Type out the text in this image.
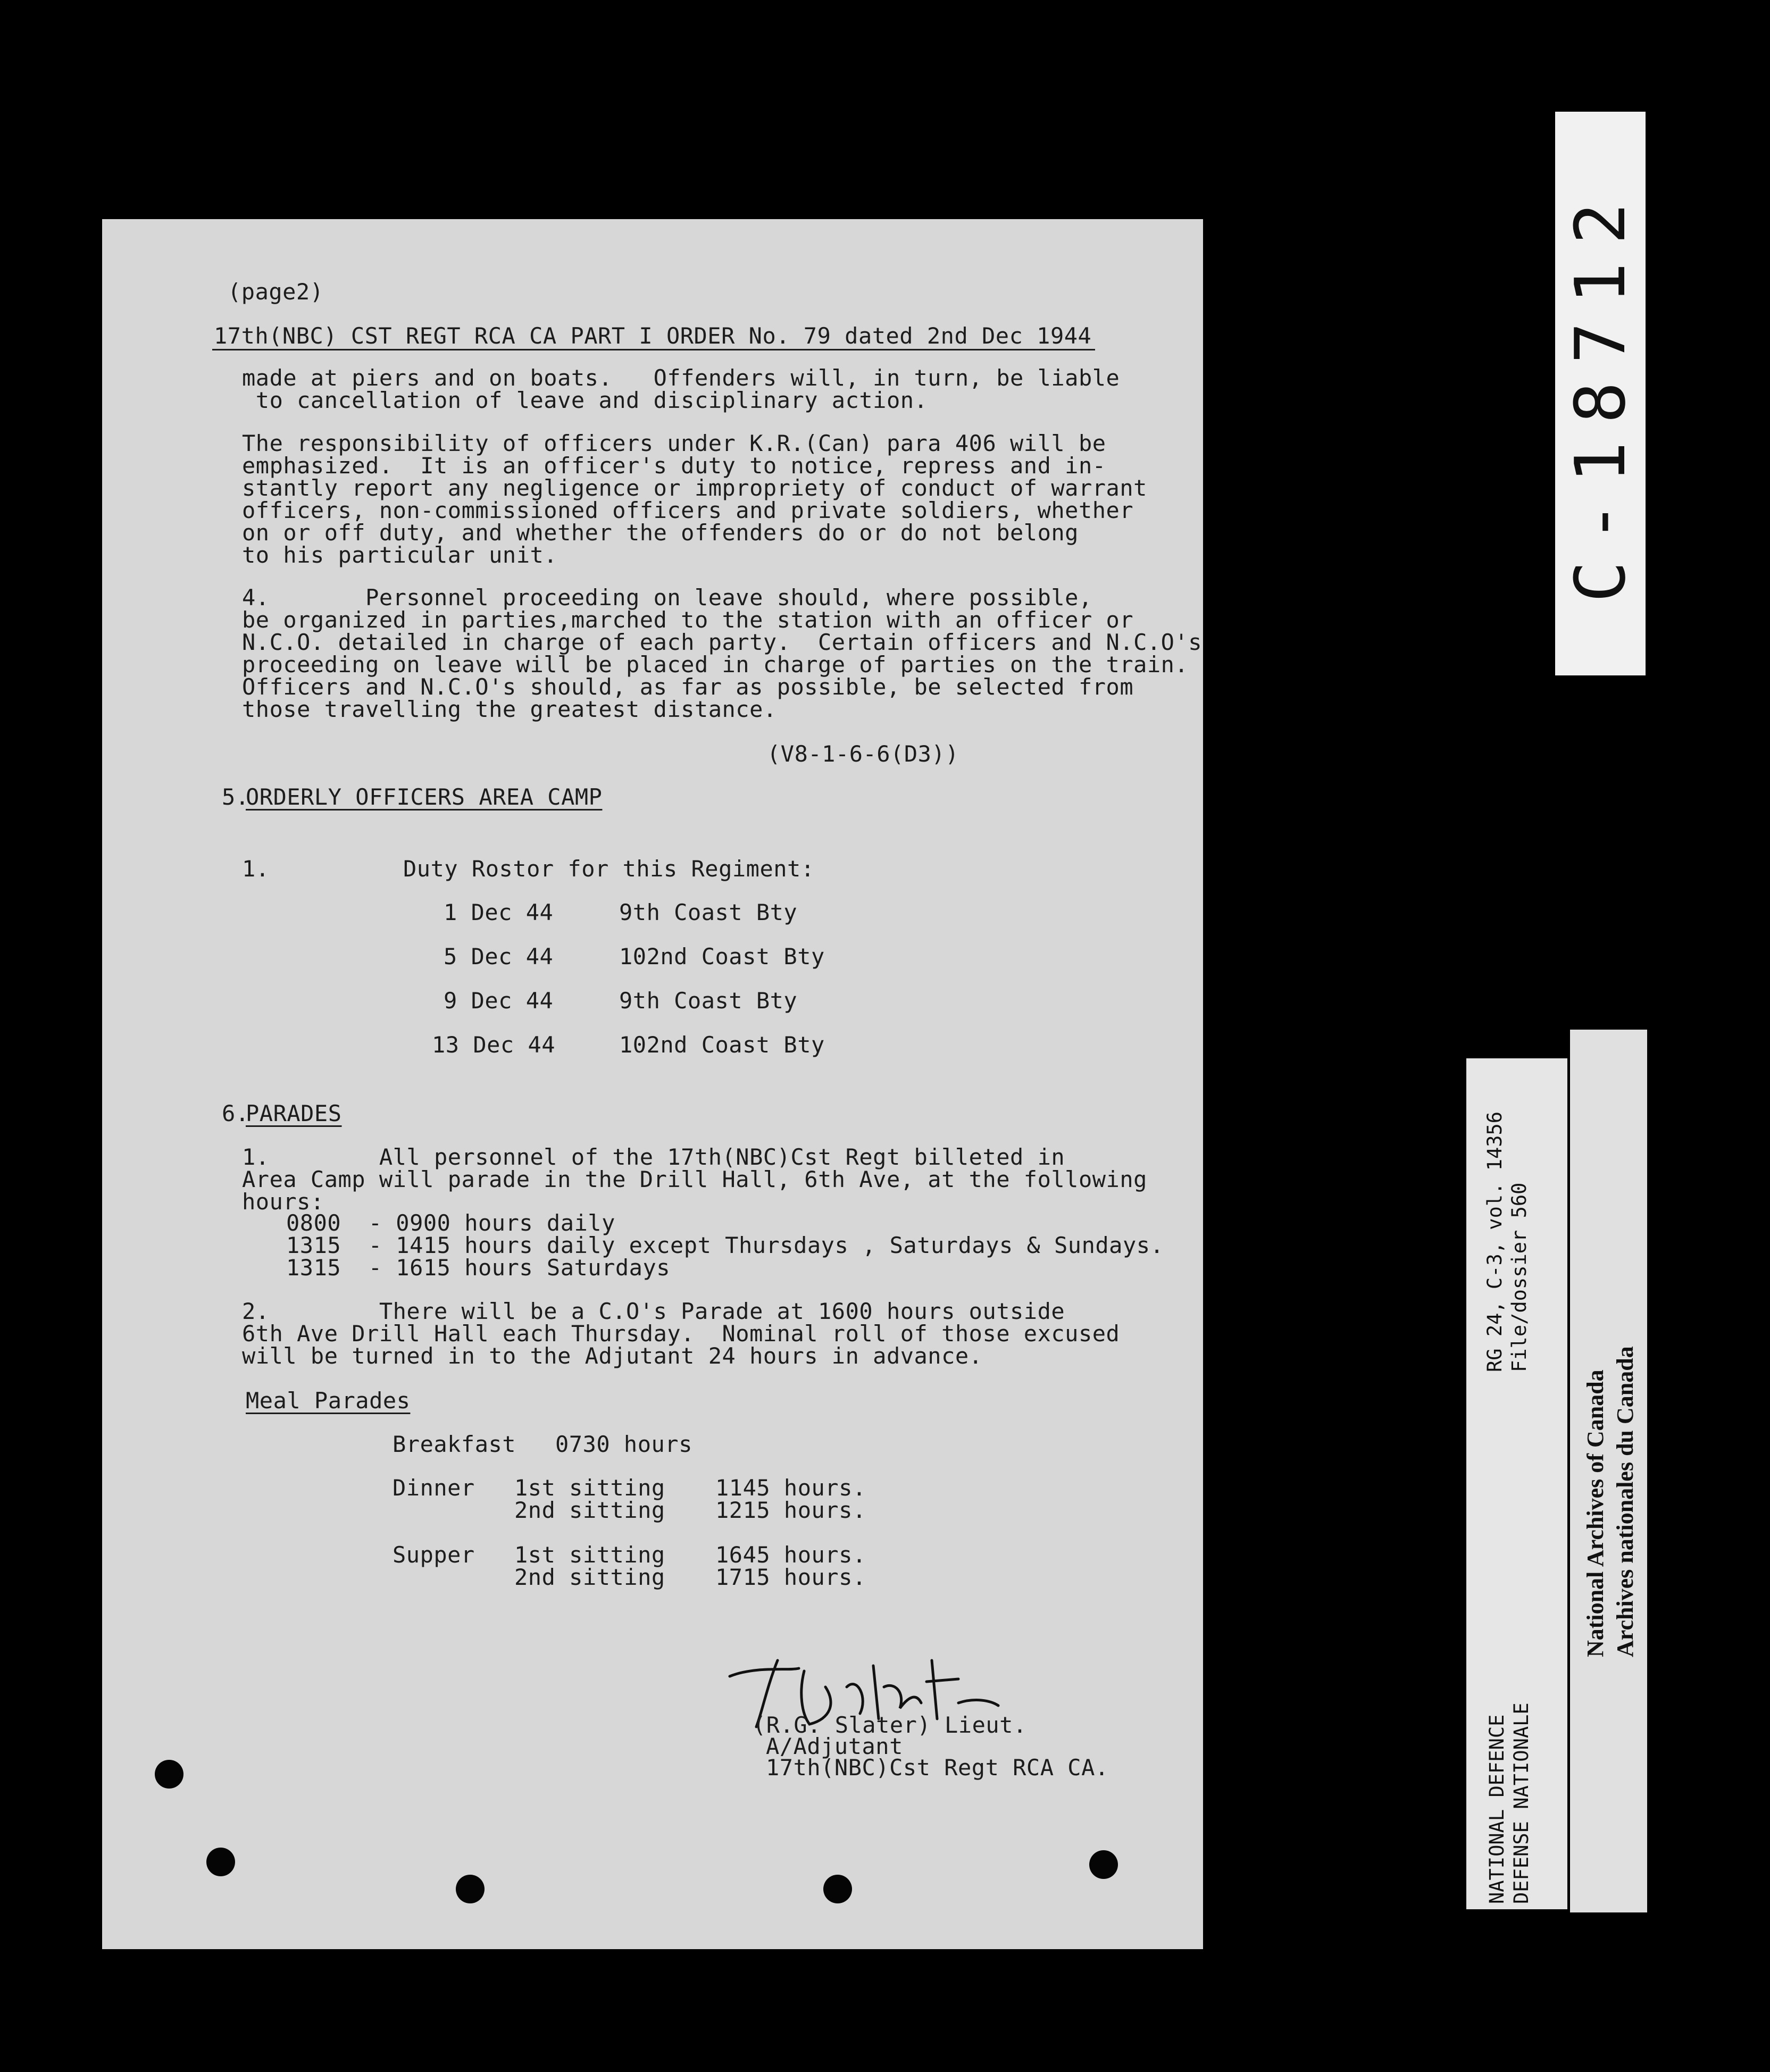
(page2)
17th(NBC) CST REGT RCA CA PART I ORDER No. 79 dated 2nd Dec 1944
made at piers and on boats.   Offenders will, in turn, be liable
to cancellation of leave and disciplinary action.
The responsibility of officers under K.R.(Can) para 406 will be
emphasized.  It is an officer's duty to notice, repress and in-
stantly report any negligence or impropriety of conduct of warrant
officers, non-commissioned officers and private soldiers, whether
on or off duty, and whether the offenders do or do not belong
to his particular unit.
4.       Personnel proceeding on leave should, where possible,
be organized in parties,marched to the station with an officer or
N.C.O. detailed in charge of each party.  Certain officers and N.C.O's
proceeding on leave will be placed in charge of parties on the train.
Officers and N.C.O's should, as far as possible, be selected from
those travelling the greatest distance.
(V8-1-6-6(D3))
5.
ORDERLY OFFICERS AREA CAMP
1.	Duty Rostor for this Regiment:
1 Dec 44	9th Coast Bty
5 Dec 44	102nd Coast Bty
9 Dec 44	9th Coast Bty
13 Dec 44	102nd Coast Bty
6.
PARADES
1.        All personnel of the 17th(NBC)Cst Regt billeted in
Area Camp will parade in the Drill Hall, 6th Ave, at the following
hours:
0800  - 0900 hours daily
1315  - 1415 hours daily except Thursdays , Saturdays & Sundays.
1315  - 1615 hours Saturdays
2.        There will be a C.O's Parade at 1600 hours outside
6th Ave Drill Hall each Thursday.  Nominal roll of those excused
will be turned in to the Adjutant 24 hours in advance.
Meal Parades
Breakfast 0730 hours
Dinner 1st sitting 1145 hours.
2nd sitting 1215 hours.
Supper 1st sitting 1645 hours.
2nd sitting 1715 hours.
(R.G. Slater) Lieut.
A/Adjutant
17th(NBC)Cst Regt RCA CA.
C-18712
RG 24, C-3, vol. 14356 File/dossier 560
NATIONAL DEFENCE DEFENSE NATIONALE
National Archives of Canada Archives nationales du Canada
